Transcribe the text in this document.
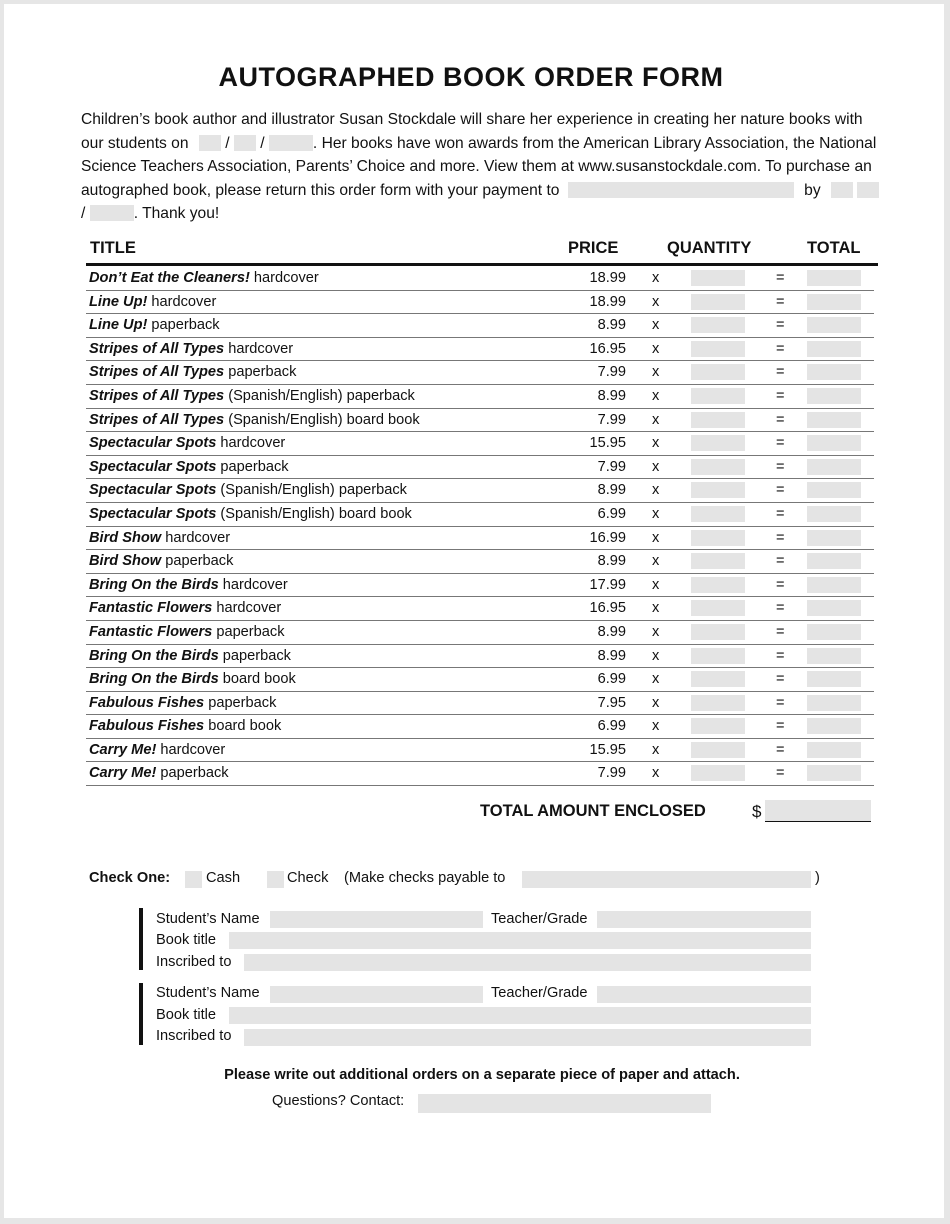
AUTOGRAPHED BOOK ORDER FORM
Children’s book author and illustrator Susan Stockdale will share her experience in creating her nature books with our students on / /	. Her books have won awards from the American Library Association, the National Science Teachers Association, Parents’ Choice and more. View them at www.susanstockdale.com. To purchase an autographed book, please return this order form with your payment to	by   /	. Thank you!
TITLE	PRICE	QUANTITY	TOTAL
Don’t Eat the Cleaners! hardcover	18.99 x	=
Line Up! hardcover	18.99 x	=
Line Up! paperback	8.99 x	=
Stripes of All Types hardcover	16.95 x	=
Stripes of All Types paperback	7.99 x	=
Stripes of All Types (Spanish/English) paperback	8.99 x	=
Stripes of All Types (Spanish/English) board book	7.99 x	=
Spectacular Spots hardcover	15.95 x	=
Spectacular Spots paperback	7.99 x	=
Spectacular Spots (Spanish/English) paperback	8.99 x	=
Spectacular Spots (Spanish/English) board book	6.99 x	=
Bird Show hardcover	16.99 x	=
Bird Show paperback	8.99 x	=
Bring On the Birds hardcover	17.99 x	=
Fantastic Flowers hardcover	16.95 x	=
Fantastic Flowers paperback	8.99 x	=
Bring On the Birds paperback	8.99 x	=
Bring On the Birds board book	6.99 x	=
Fabulous Fishes paperback	7.95 x	=
Fabulous Fishes board book	6.99 x	=
Carry Me! hardcover	15.95 x	=
Carry Me! paperback	7.99 x	=
TOTAL AMOUNT ENCLOSED	$
Check One: Cash	Check (Make checks payable to	)
Student’s Name	Teacher/Grade
Book title
Inscribed to
Student’s Name	Teacher/Grade
Book title
Inscribed to
Please write out additional orders on a separate piece of paper and attach.
Questions? Contact:
